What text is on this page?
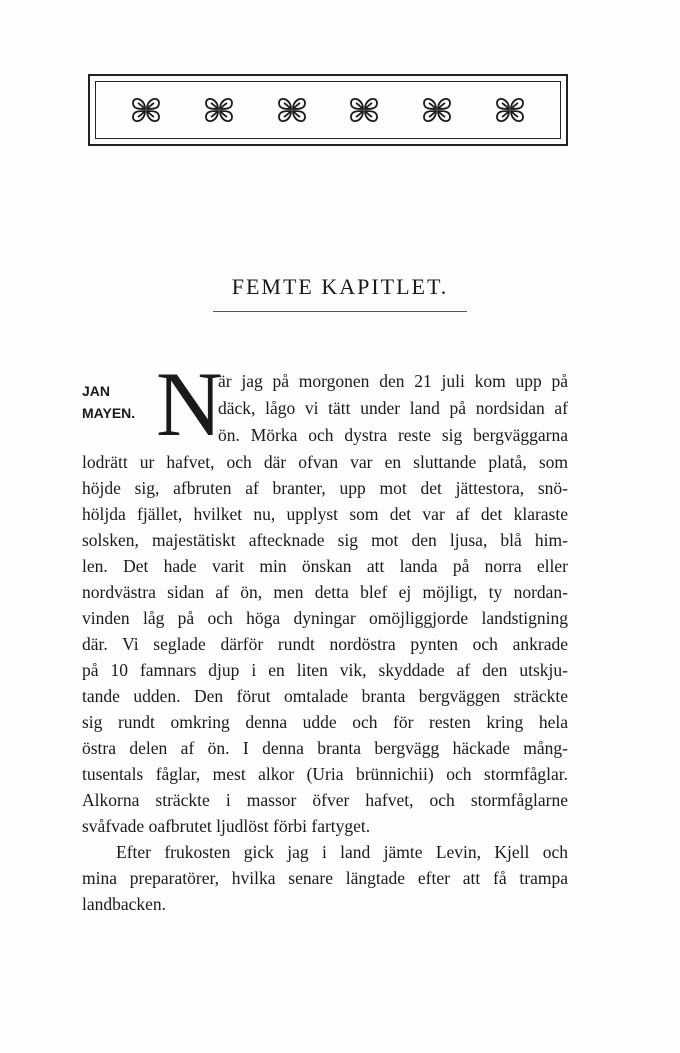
FEMTE KAPITLET.
JAN
MAYEN. N
är jag på morgonen den 21 juli kom upp på
däck, lågo vi tätt under land på nordsidan af
ön. Mörka och dystra reste sig bergväggarna
lodrätt ur hafvet, och där ofvan var en sluttande platå, som
höjde sig, afbruten af branter, upp mot det jättestora, snö-
höljda fjället, hvilket nu, upplyst som det var af det klaraste
solsken, majestätiskt aftecknade sig mot den ljusa, blå him-
len. Det hade varit min önskan att landa på norra eller
nordvästra sidan af ön, men detta blef ej möjligt, ty nordan-
vinden låg på och höga dyningar omöjliggjorde landstigning
där. Vi seglade därför rundt nordöstra pynten och ankrade
på 10 famnars djup i en liten vik, skyddade af den utskju-
tande udden. Den förut omtalade branta bergväggen sträckte
sig rundt omkring denna udde och för resten kring hela
östra delen af ön. I denna branta bergvägg häckade mång-
tusentals fåglar, mest alkor (Uria brünnichii) och stormfåglar.
Alkorna sträckte i massor öfver hafvet, och stormfåglarne
svåfvade oafbrutet ljudlöst förbi fartyget.
Efter frukosten gick jag i land jämte Levin, Kjell och
mina preparatörer, hvilka senare längtade efter att få trampa
landbacken.
